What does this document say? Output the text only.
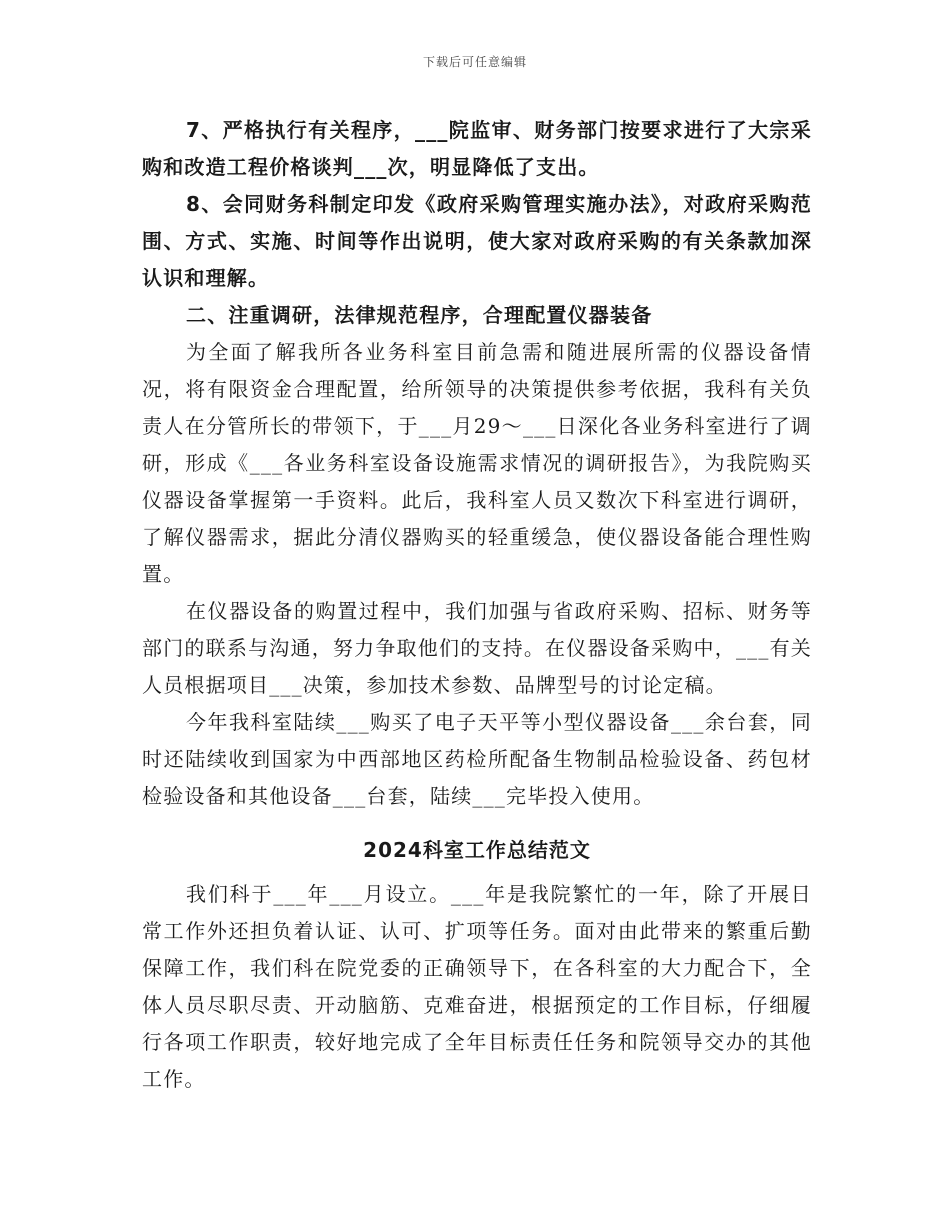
下载后可任意编辑

7、严格执行有关程序，___院监审、财务部门按要求进行了大宗采购和改造工程价格谈判___次，明显降低了支出。

8、会同财务科制定印发《政府采购管理实施办法》，对政府采购范围、方式、实施、时间等作出说明，使大家对政府采购的有关条款加深认识和理解。

二、注重调研，法律规范程序，合理配置仪器装备

为全面了解我所各业务科室目前急需和随进展所需的仪器设备情况，将有限资金合理配置，给所领导的决策提供参考依据，我科有关负责人在分管所长的带领下，于___月29～___日深化各业务科室进行了调研，形成《___各业务科室设备设施需求情况的调研报告》，为我院购买仪器设备掌握第一手资料。此后，我科室人员又数次下科室进行调研，了解仪器需求，据此分清仪器购买的轻重缓急，使仪器设备能合理性购置。

在仪器设备的购置过程中，我们加强与省政府采购、招标、财务等部门的联系与沟通，努力争取他们的支持。在仪器设备采购中，___有关人员根据项目___决策，参加技术参数、品牌型号的讨论定稿。

今年我科室陆续___购买了电子天平等小型仪器设备___余台套，同时还陆续收到国家为中西部地区药检所配备生物制品检验设备、药包材检验设备和其他设备___台套，陆续___完毕投入使用。

2024科室工作总结范文

我们科于___年___月设立。___年是我院繁忙的一年，除了开展日常工作外还担负着认证、认可、扩项等任务。面对由此带来的繁重后勤保障工作，我们科在院党委的正确领导下，在各科室的大力配合下，全体人员尽职尽责、开动脑筋、克难奋进，根据预定的工作目标，仔细履行各项工作职责，较好地完成了全年目标责任任务和院领导交办的其他工作。
